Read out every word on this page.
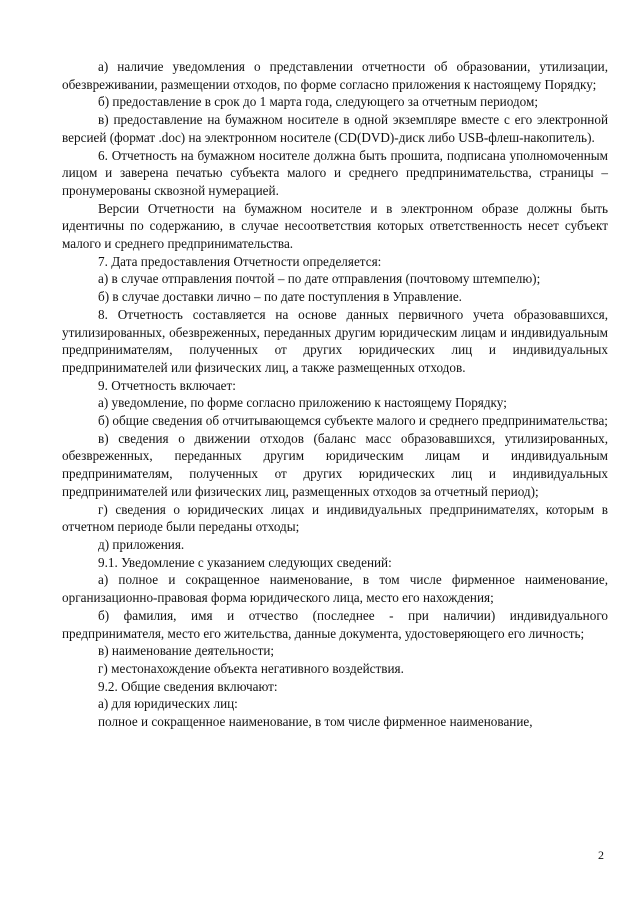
а) наличие уведомления о представлении отчетности об образовании, утилизации, обезвреживании, размещении отходов, по форме согласно приложения к настоящему Порядку;

б) предоставление в срок до 1 марта года, следующего за отчетным периодом;

в) предоставление на бумажном носителе в одной экземпляре вместе с его электронной версией (формат .doc) на электронном носителе (CD(DVD)-диск либо USB-флеш-накопитель).

6. Отчетность на бумажном носителе должна быть прошита, подписана уполномоченным лицом и заверена печатью субъекта малого и среднего предпринимательства, страницы – пронумерованы сквозной нумерацией.

Версии Отчетности на бумажном носителе и в электронном образе должны быть идентичны по содержанию, в случае несоответствия которых ответственность несет субъект малого и среднего предпринимательства.

7. Дата предоставления Отчетности определяется:

а) в случае отправления почтой – по дате отправления (почтовому штемпелю);

б) в случае доставки лично – по дате поступления в Управление.

8. Отчетность составляется на основе данных первичного учета образовавшихся, утилизированных, обезвреженных, переданных другим юридическим лицам и индивидуальным предпринимателям, полученных от других юридических лиц и индивидуальных предпринимателей или физических лиц, а также размещенных отходов.

9. Отчетность включает:

а) уведомление, по форме согласно приложению к настоящему Порядку;

б) общие сведения об отчитывающемся субъекте малого и среднего предпринимательства;

в) сведения о движении отходов (баланс масс образовавшихся, утилизированных, обезвреженных, переданных другим юридическим лицам и индивидуальным предпринимателям, полученных от других юридических лиц и индивидуальных предпринимателей или физических лиц, размещенных отходов за отчетный период);

г) сведения о юридических лицах и индивидуальных предпринимателях, которым в отчетном периоде были переданы отходы;

д) приложения.

9.1. Уведомление с указанием следующих сведений:

а) полное и сокращенное наименование, в том числе фирменное наименование, организационно-правовая форма юридического лица, место его нахождения;

б) фамилия, имя и отчество (последнее - при наличии) индивидуального предпринимателя, место его жительства, данные документа, удостоверяющего его личность;

в) наименование деятельности;

г) местонахождение объекта негативного воздействия.

9.2. Общие сведения включают:

а) для юридических лиц:

полное и сокращенное наименование, в том числе фирменное наименование,

2
